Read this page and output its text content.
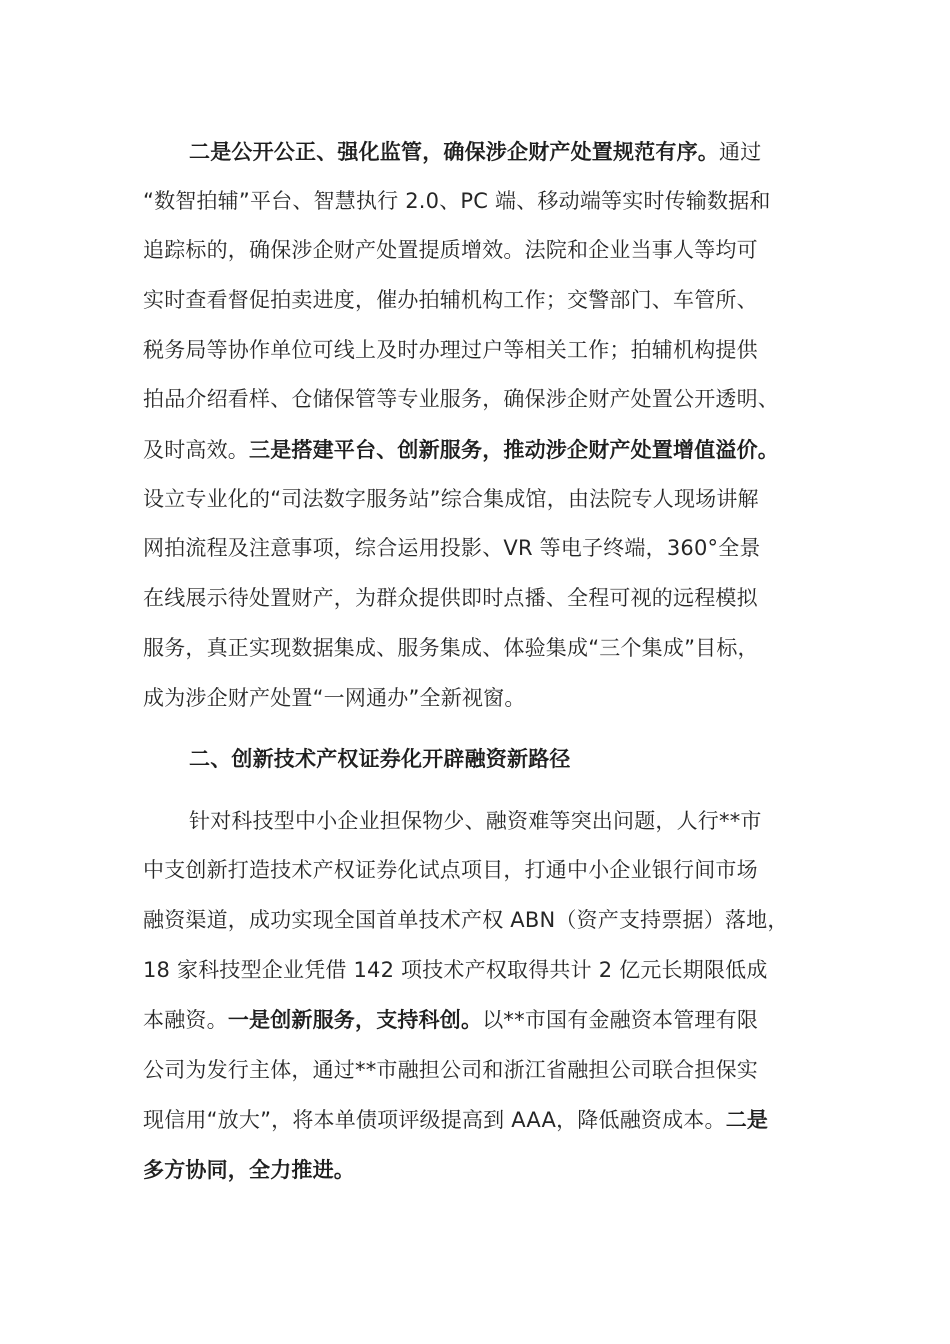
二是公开公正、强化监管，确保涉企财产处置规范有序。通过
“数智拍辅”平台、智慧执行 2.0、PC 端、移动端等实时传输数据和
追踪标的，确保涉企财产处置提质增效。法院和企业当事人等均可
实时查看督促拍卖进度，催办拍辅机构工作；交警部门、车管所、
税务局等协作单位可线上及时办理过户等相关工作；拍辅机构提供
拍品介绍看样、仓储保管等专业服务，确保涉企财产处置公开透明、
及时高效。三是搭建平台、创新服务，推动涉企财产处置增值溢价。
设立专业化的“司法数字服务站”综合集成馆，由法院专人现场讲解
网拍流程及注意事项，综合运用投影、VR 等电子终端，360°全景
在线展示待处置财产，为群众提供即时点播、全程可视的远程模拟
服务，真正实现数据集成、服务集成、体验集成“三个集成”目标，
成为涉企财产处置“一网通办”全新视窗。
二、创新技术产权证券化开辟融资新路径
针对科技型中小企业担保物少、融资难等突出问题，人行**市
中支创新打造技术产权证券化试点项目，打通中小企业银行间市场
融资渠道，成功实现全国首单技术产权 ABN（资产支持票据）落地，
18 家科技型企业凭借 142 项技术产权取得共计 2 亿元长期限低成
本融资。一是创新服务，支持科创。以**市国有金融资本管理有限
公司为发行主体，通过**市融担公司和浙江省融担公司联合担保实
现信用“放大”，将本单债项评级提高到 AAA，降低融资成本。二是
多方协同，全力推进。
